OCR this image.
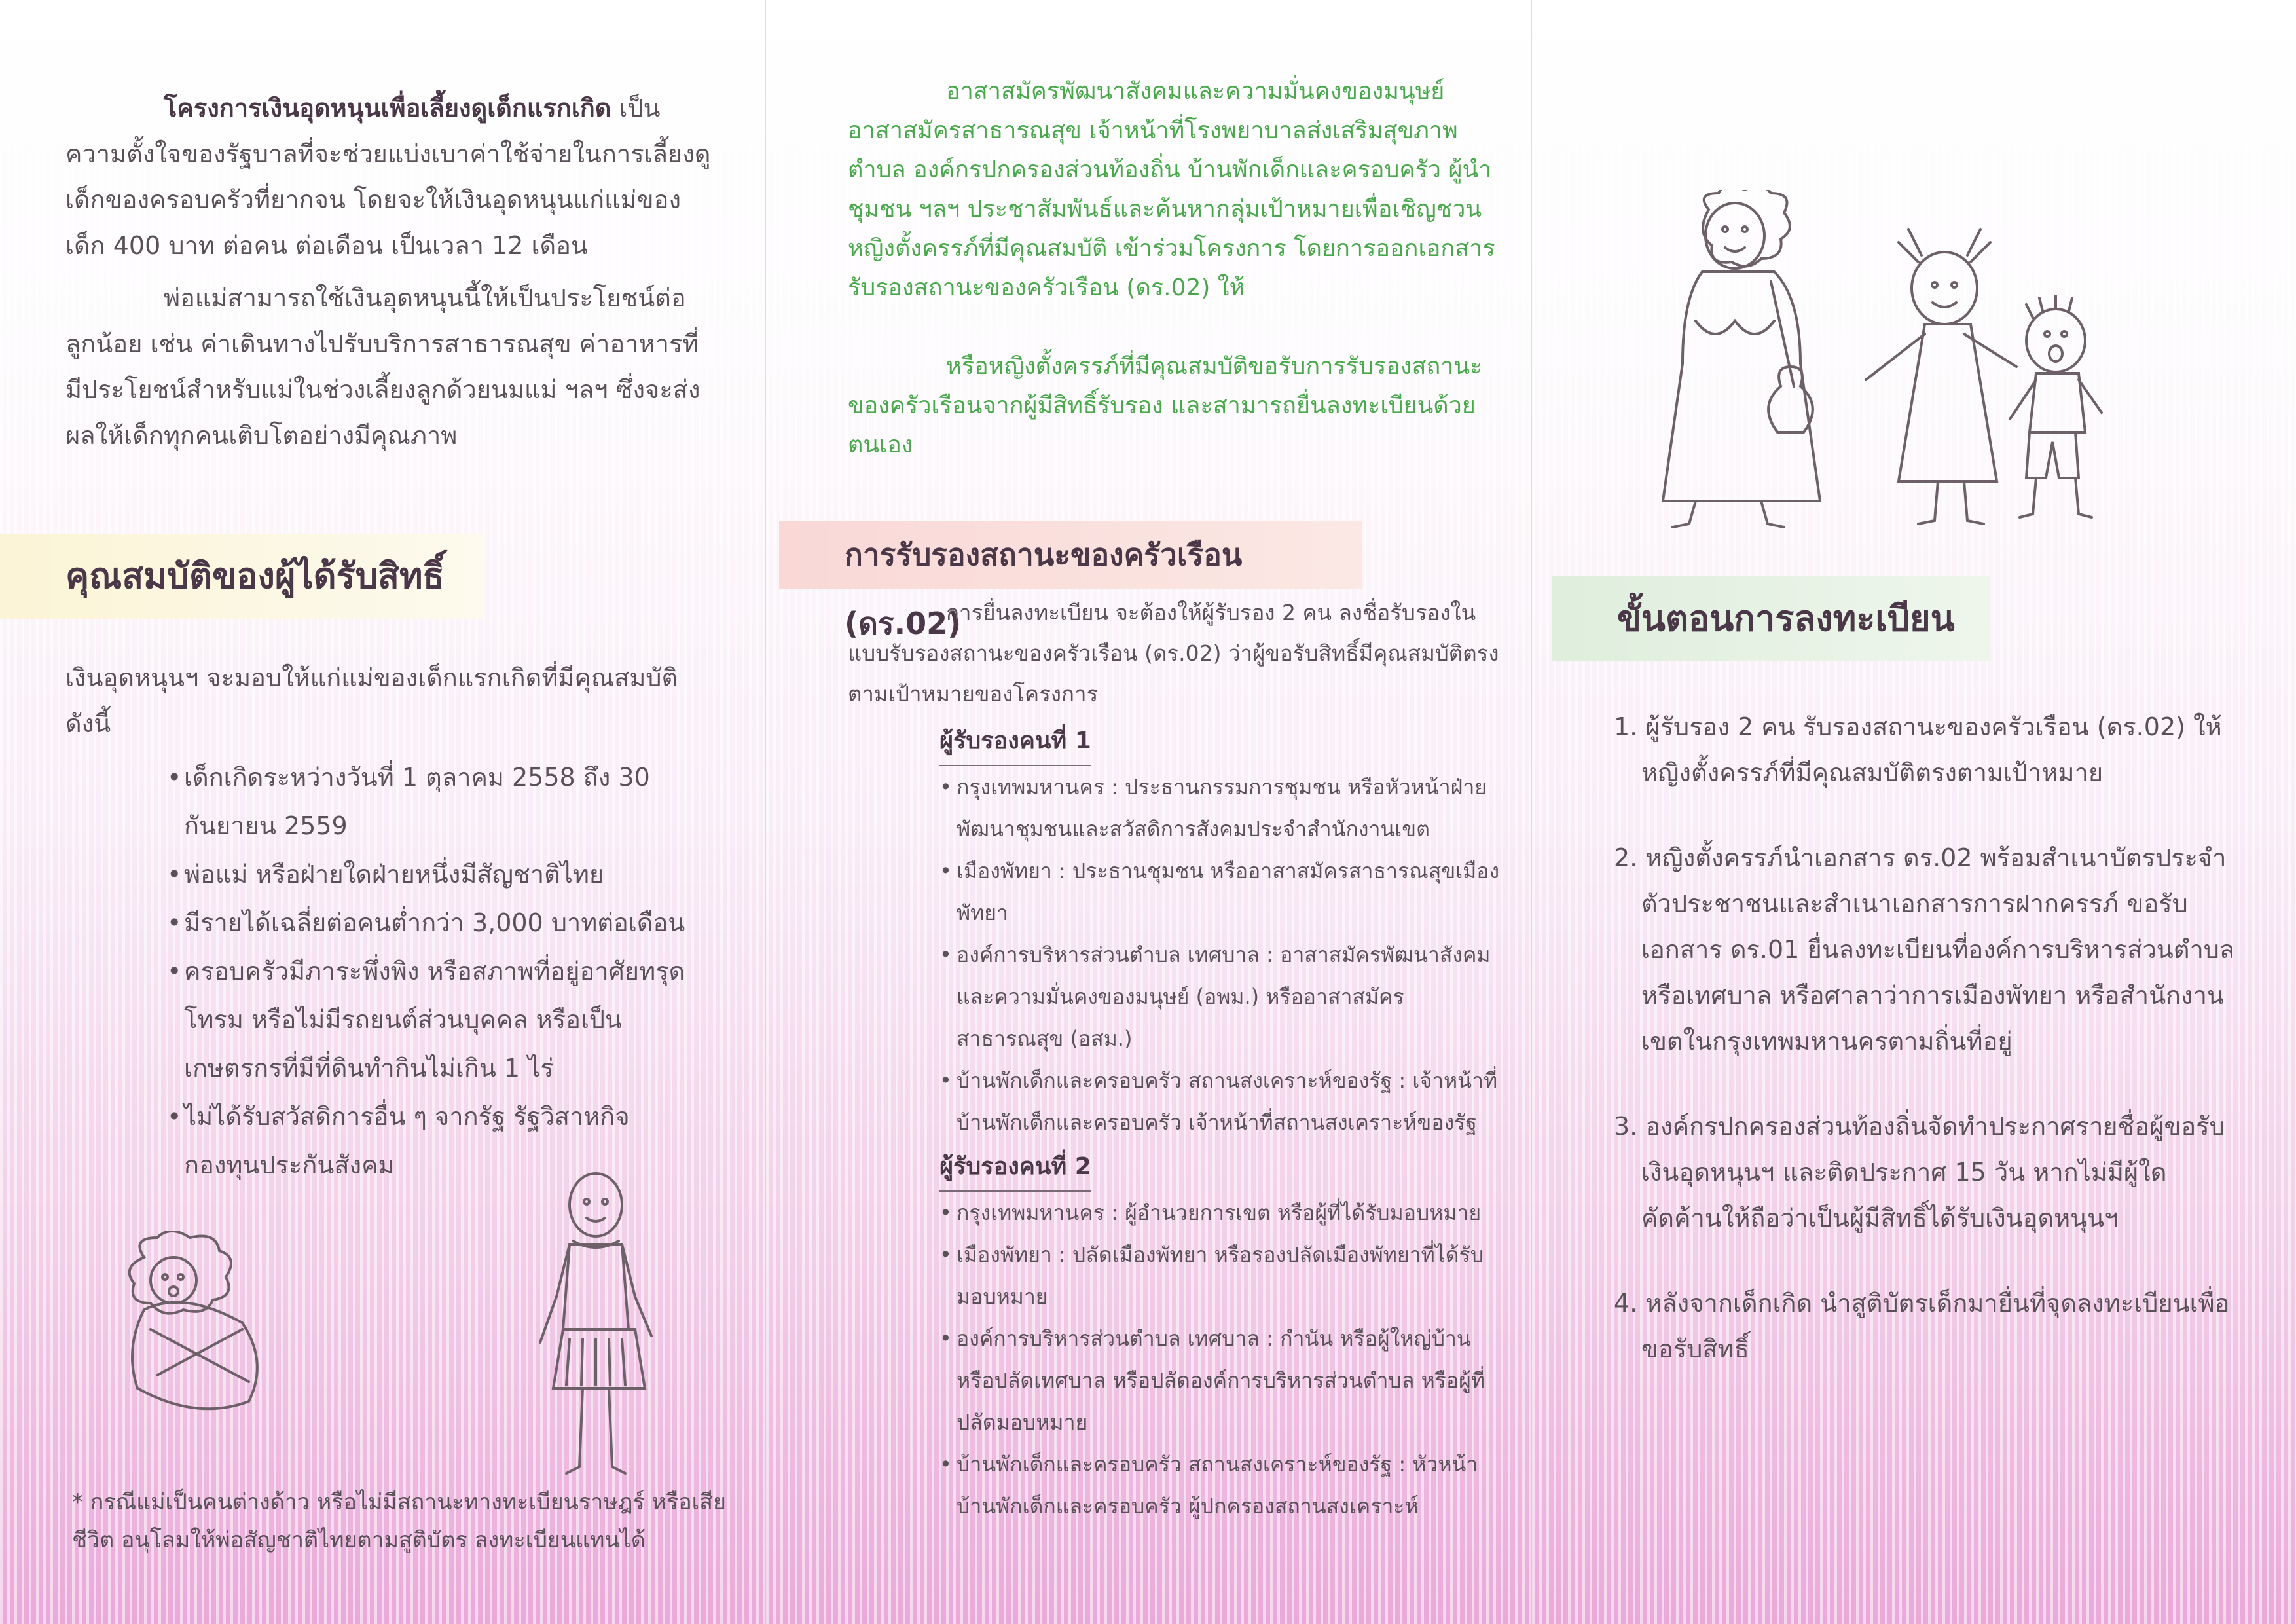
โครงการเงินอุดหนุนเพื่อเลี้ยงดูเด็กแรกเกิด เป็นความตั้งใจของรัฐบาลที่จะช่วยแบ่งเบาค่าใช้จ่ายในการเลี้ยงดูเด็กของครอบครัวที่ยากจน โดยจะให้เงินอุดหนุนแก่แม่ของเด็ก 400 บาท ต่อคน ต่อเดือน เป็นเวลา 12 เดือน

พ่อแม่สามารถใช้เงินอุดหนุนนี้ให้เป็นประโยชน์ต่อลูกน้อย เช่น ค่าเดินทางไปรับบริการสาธารณสุข ค่าอาหารที่มีประโยชน์สำหรับแม่ในช่วงเลี้ยงลูกด้วยนมแม่ ฯลฯ ซึ่งจะส่งผลให้เด็กทุกคนเติบโตอย่างมีคุณภาพ

คุณสมบัติของผู้ได้รับสิทธิ์

เงินอุดหนุนฯ จะมอบให้แก่แม่ของเด็กแรกเกิดที่มีคุณสมบัติดังนี้

• เด็กเกิดระหว่างวันที่ 1 ตุลาคม 2558 ถึง 30 กันยายน 2559
• พ่อแม่ หรือฝ่ายใดฝ่ายหนึ่งมีสัญชาติไทย
• มีรายได้เฉลี่ยต่อคนต่ำกว่า 3,000 บาทต่อเดือน
• ครอบครัวมีภาระพึ่งพิง หรือสภาพที่อยู่อาศัยทรุดโทรม หรือไม่มีรถยนต์ส่วนบุคคล หรือเป็นเกษตรกรที่มีที่ดินทำกินไม่เกิน 1 ไร่
• ไม่ได้รับสวัสดิการอื่น ๆ จากรัฐ รัฐวิสาหกิจ กองทุนประกันสังคม

* กรณีแม่เป็นคนต่างด้าว หรือไม่มีสถานะทางทะเบียนราษฎร์ หรือเสียชีวิต อนุโลมให้พ่อสัญชาติไทยตามสูติบัตร ลงทะเบียนแทนได้

อาสาสมัครพัฒนาสังคมและความมั่นคงของมนุษย์ อาสาสมัครสาธารณสุข เจ้าหน้าที่โรงพยาบาลส่งเสริมสุขภาพตำบล องค์กรปกครองส่วนท้องถิ่น บ้านพักเด็กและครอบครัว ผู้นำชุมชน ฯลฯ ประชาสัมพันธ์และค้นหากลุ่มเป้าหมายเพื่อเชิญชวนหญิงตั้งครรภ์ที่มีคุณสมบัติ เข้าร่วมโครงการ โดยการออกเอกสารรับรองสถานะของครัวเรือน (ดร.02) ให้

หรือหญิงตั้งครรภ์ที่มีคุณสมบัติขอรับการรับรองสถานะของครัวเรือนจากผู้มีสิทธิ์รับรอง และสามารถยื่นลงทะเบียนด้วยตนเอง

การรับรองสถานะของครัวเรือน (ดร.02)

การยื่นลงทะเบียน จะต้องให้ผู้รับรอง 2 คน ลงชื่อรับรองในแบบรับรองสถานะของครัวเรือน (ดร.02) ว่าผู้ขอรับสิทธิ์มีคุณสมบัติตรงตามเป้าหมายของโครงการ

ผู้รับรองคนที่ 1
• กรุงเทพมหานคร : ประธานกรรมการชุมชน หรือหัวหน้าฝ่ายพัฒนาชุมชนและสวัสดิการสังคมประจำสำนักงานเขต
• เมืองพัทยา : ประธานชุมชน หรืออาสาสมัครสาธารณสุขเมืองพัทยา
• องค์การบริหารส่วนตำบล เทศบาล : อาสาสมัครพัฒนาสังคมและความมั่นคงของมนุษย์ (อพม.) หรืออาสาสมัครสาธารณสุข (อสม.)
• บ้านพักเด็กและครอบครัว สถานสงเคราะห์ของรัฐ : เจ้าหน้าที่บ้านพักเด็กและครอบครัว เจ้าหน้าที่สถานสงเคราะห์ของรัฐ
ผู้รับรองคนที่ 2
• กรุงเทพมหานคร : ผู้อำนวยการเขต หรือผู้ที่ได้รับมอบหมาย
• เมืองพัทยา : ปลัดเมืองพัทยา หรือรองปลัดเมืองพัทยาที่ได้รับมอบหมาย
• องค์การบริหารส่วนตำบล เทศบาล : กำนัน หรือผู้ใหญ่บ้าน หรือปลัดเทศบาล หรือปลัดองค์การบริหารส่วนตำบล หรือผู้ที่ปลัดมอบหมาย
• บ้านพักเด็กและครอบครัว สถานสงเคราะห์ของรัฐ : หัวหน้าบ้านพักเด็กและครอบครัว ผู้ปกครองสถานสงเคราะห์
ขั้นตอนการลงทะเบียน
1. ผู้รับรอง 2 คน รับรองสถานะของครัวเรือน (ดร.02) ให้หญิงตั้งครรภ์ที่มีคุณสมบัติตรงตามเป้าหมาย
2. หญิงตั้งครรภ์นำเอกสาร ดร.02 พร้อมสำเนาบัตรประจำตัวประชาชนและสำเนาเอกสารการฝากครรภ์ ขอรับเอกสาร ดร.01 ยื่นลงทะเบียนที่องค์การบริหารส่วนตำบล หรือเทศบาล หรือศาลาว่าการเมืองพัทยา หรือสำนักงานเขตในกรุงเทพมหานครตามถิ่นที่อยู่
3. องค์กรปกครองส่วนท้องถิ่นจัดทำประกาศรายชื่อผู้ขอรับเงินอุดหนุนฯ และติดประกาศ 15 วัน หากไม่มีผู้ใดคัดค้านให้ถือว่าเป็นผู้มีสิทธิ์ได้รับเงินอุดหนุนฯ
4. หลังจากเด็กเกิด นำสูติบัตรเด็กมายื่นที่จุดลงทะเบียนเพื่อขอรับสิทธิ์
